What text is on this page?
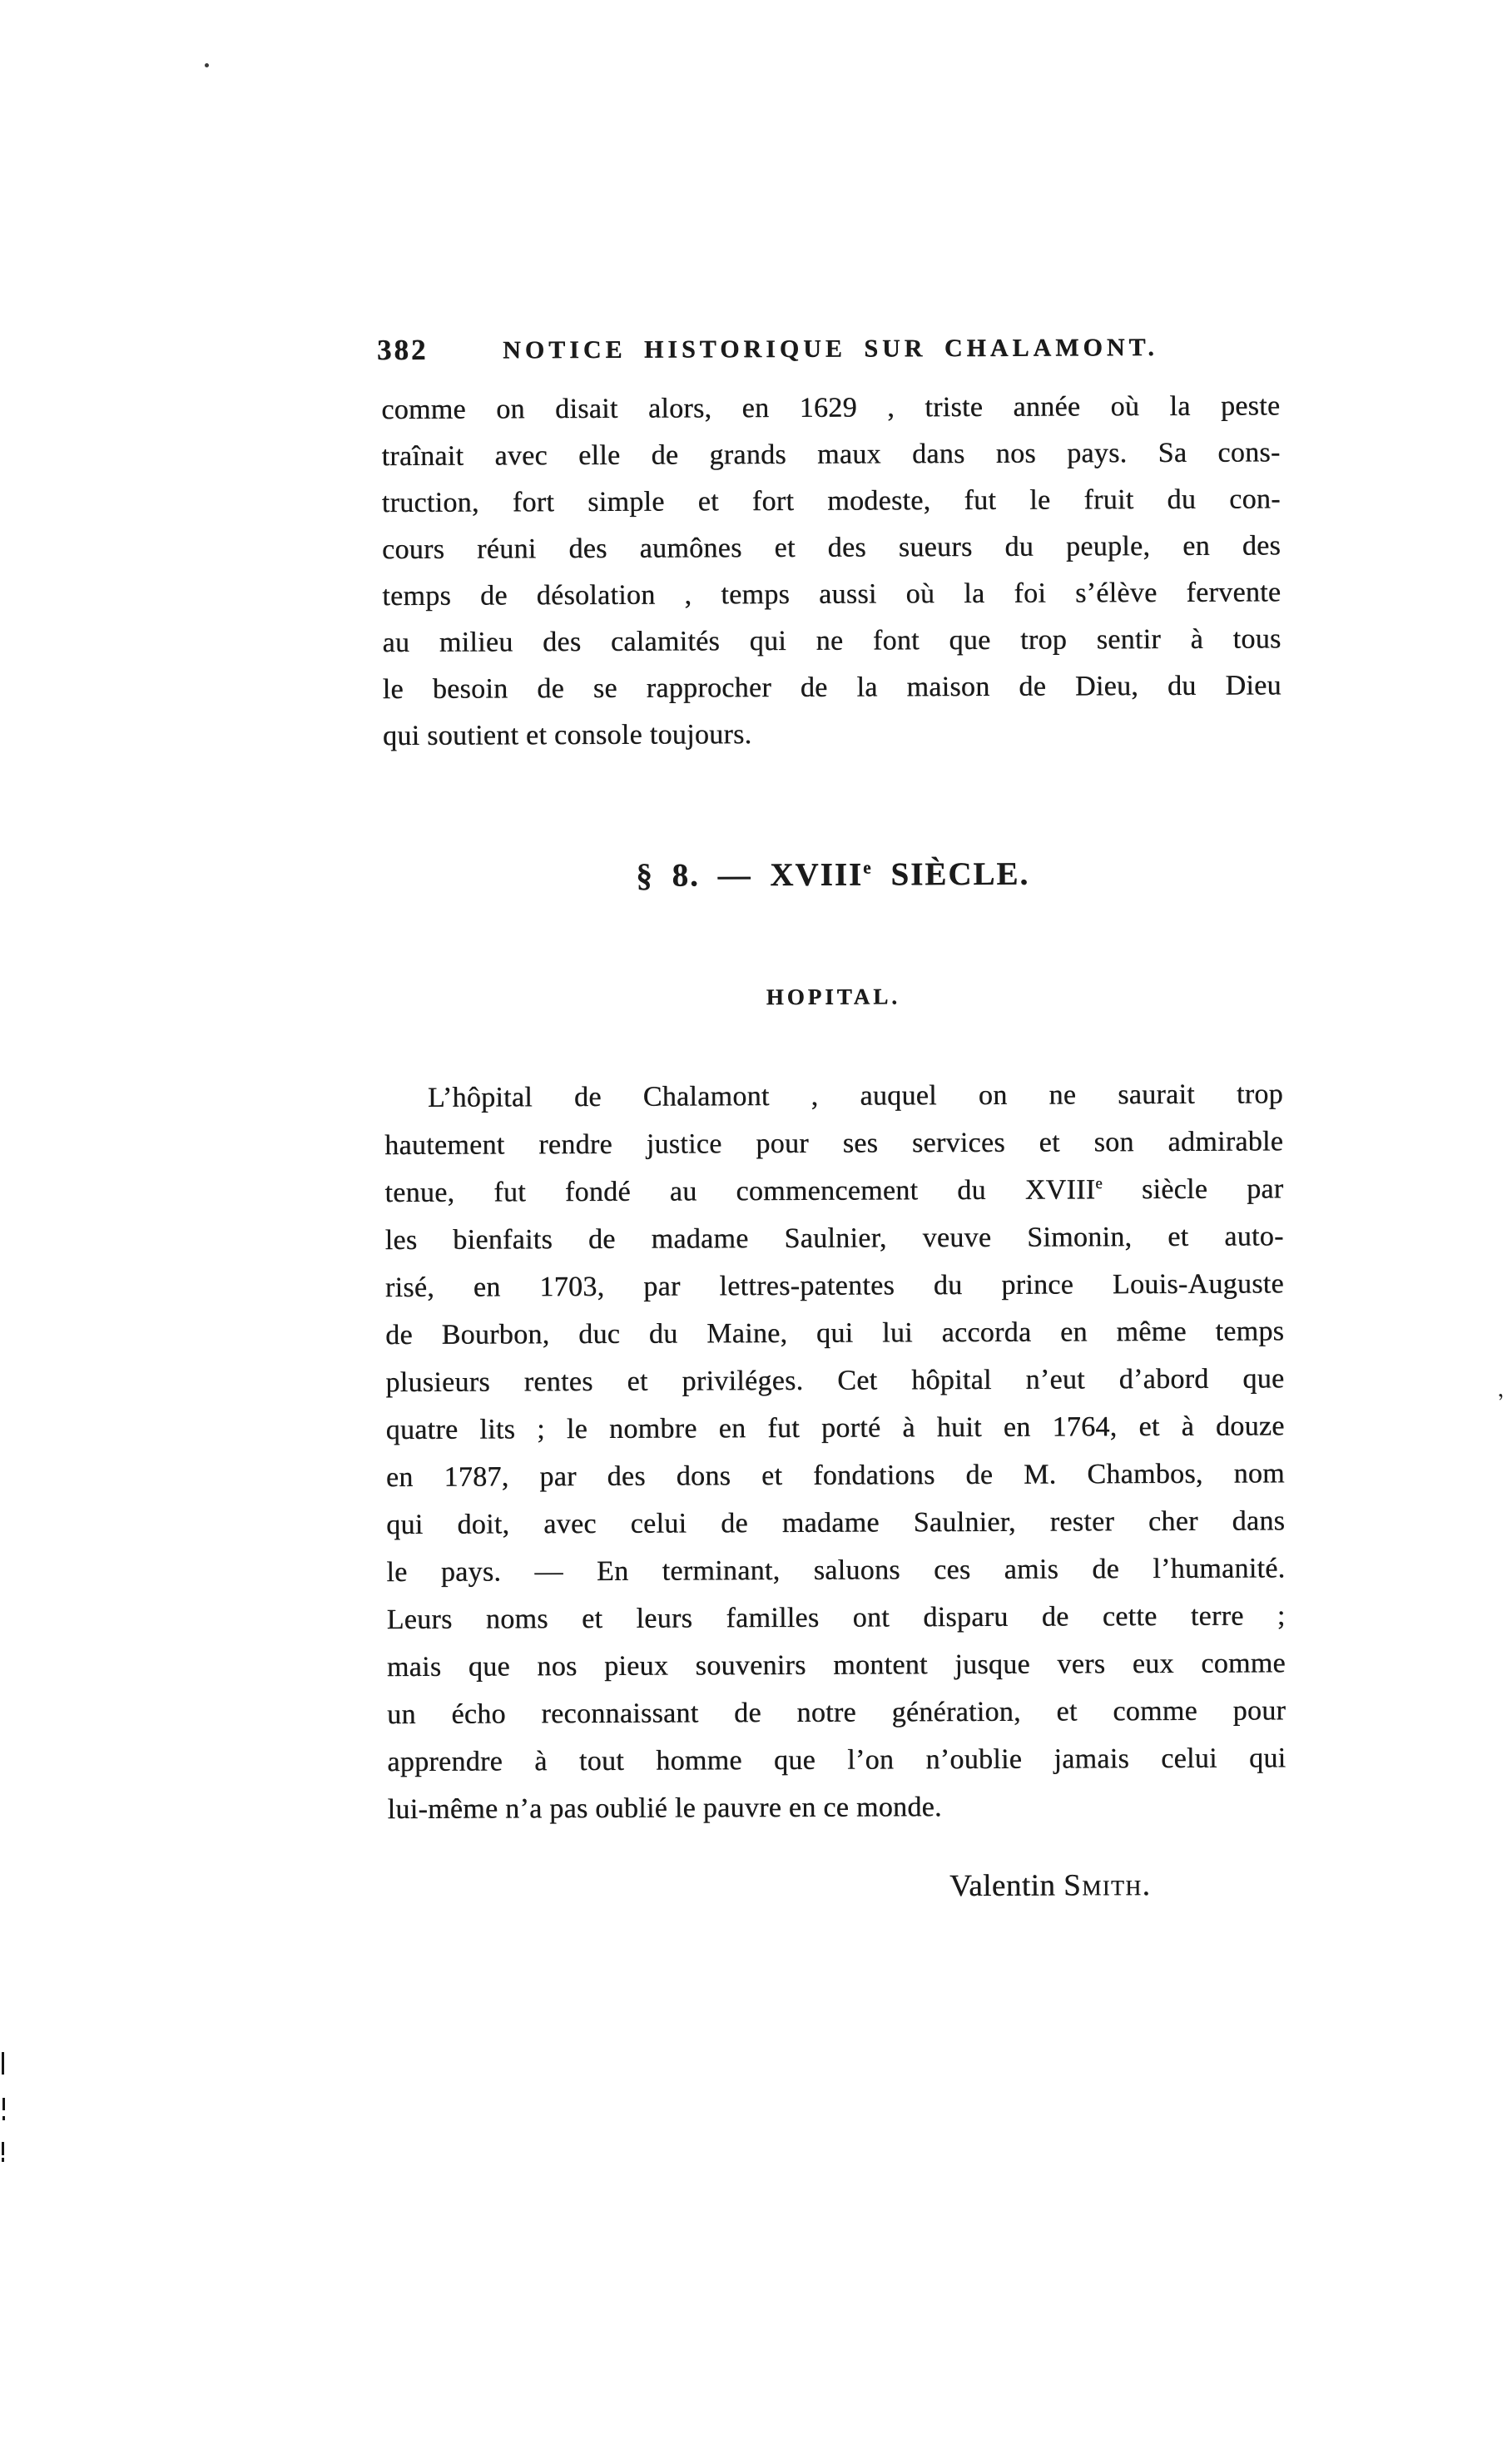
382	NOTICE HISTORIQUE SUR CHALAMONT.
comme on disait alors, en 1629 , triste année où la peste
traînait avec elle de grands maux dans nos pays. Sa cons-
truction, fort simple et fort modeste, fut le fruit du con-
cours réuni des aumônes et des sueurs du peuple, en des
temps de désolation , temps aussi où la foi s’élève fervente
au milieu des calamités qui ne font que trop sentir à tous
le besoin de se rapprocher de la maison de Dieu, du Dieu
qui soutient et console toujours.
§ 8. — XVIIIe SIÈCLE.
HOPITAL.
L’hôpital de Chalamont , auquel on ne saurait trop
hautement rendre justice pour ses services et son admirable
tenue, fut fondé au commencement du XVIIIe siècle par
les bienfaits de madame Saulnier, veuve Simonin, et auto-
risé, en 1703, par lettres-patentes du prince Louis-Auguste
de Bourbon, duc du Maine, qui lui accorda en même temps
plusieurs rentes et priviléges. Cet hôpital n’eut d’abord que
quatre lits ; le nombre en fut porté à huit en 1764, et à douze
en 1787, par des dons et fondations de M. Chambos, nom
qui doit, avec celui de madame Saulnier, rester cher dans
le pays. — En terminant, saluons ces amis de l’humanité.
Leurs noms et leurs familles ont disparu de cette terre ;
mais que nos pieux souvenirs montent jusque vers eux comme
un écho reconnaissant de notre génération, et comme pour
apprendre à tout homme que l’on n’oublie jamais celui qui
lui-même n’a pas oublié le pauvre en ce monde.
Valentin Smith.
,
